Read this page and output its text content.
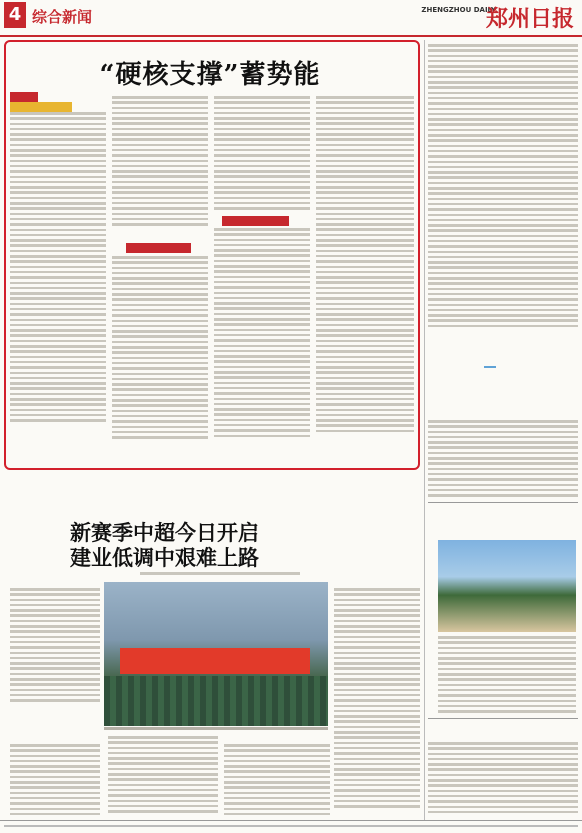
4 综合新闻	ZHENGZHOU DAILY
郑州日报
“硬核支撑”蓄势能

新赛季中超今日开启
建业低调中艰难上路
